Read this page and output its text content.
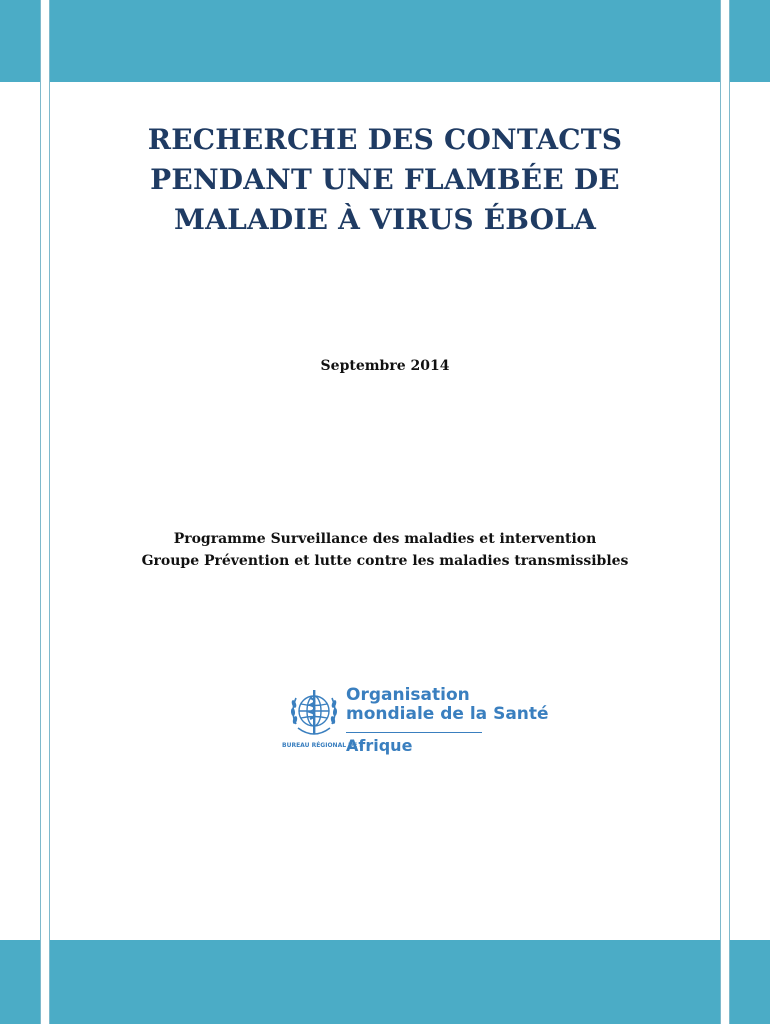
RECHERCHE DES CONTACTS
PENDANT UNE FLAMBÉE DE
MALADIE À VIRUS ÉBOLA
Septembre 2014
Programme Surveillance des maladies et intervention
Groupe Prévention et lutte contre les maladies transmissibles
Organisation
mondiale de la Santé
BUREAU RÉGIONAL DE L'
Afrique
